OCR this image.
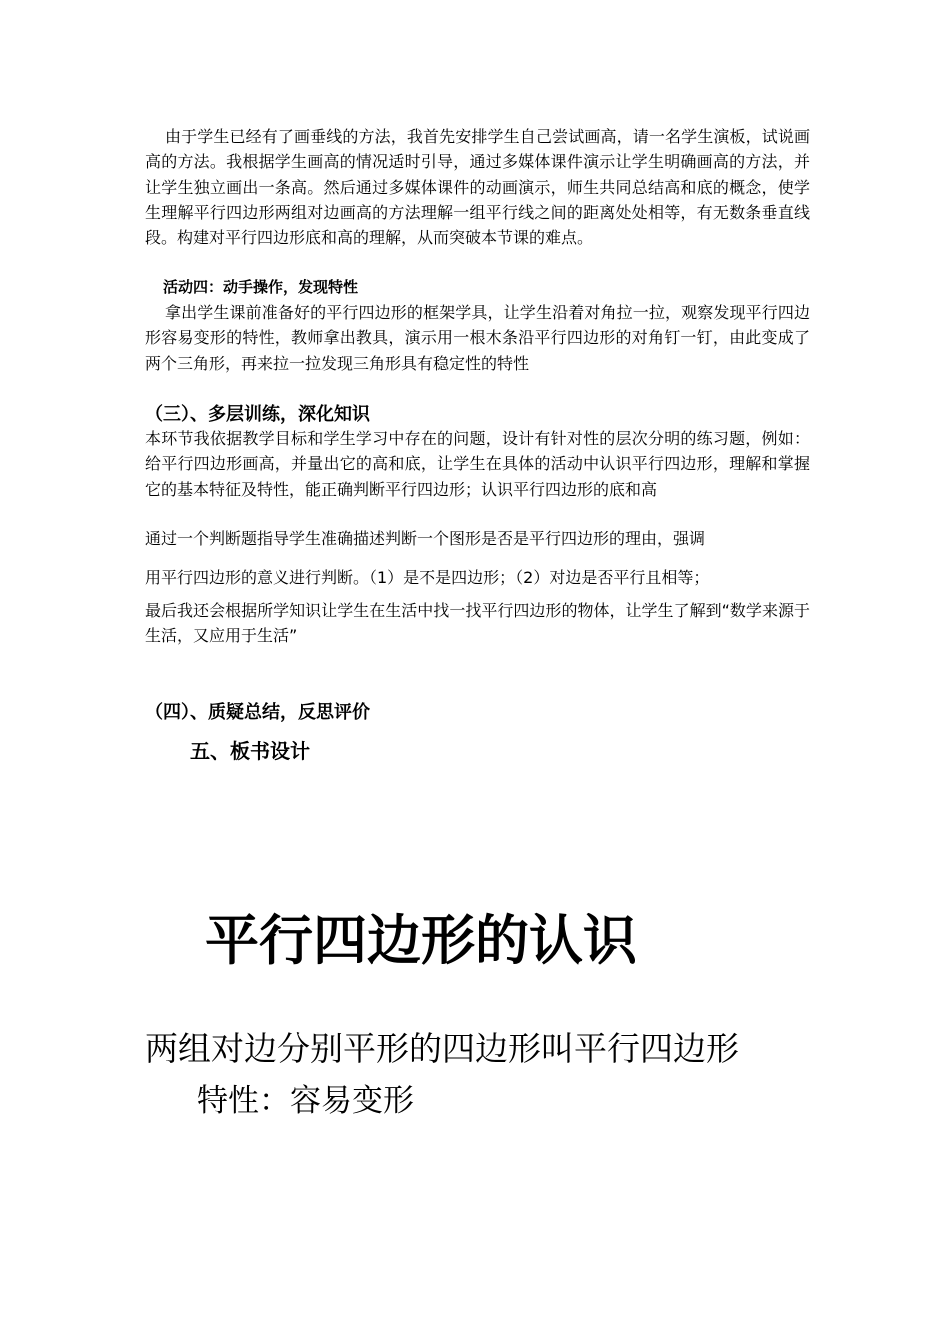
由于学生已经有了画垂线的方法，我首先安排学生自己尝试画高，请一名学生演板，试说画高的方法。我根据学生画高的情况适时引导，通过多媒体课件演示让学生明确画高的方法，并让学生独立画出一条高。然后通过多媒体课件的动画演示，师生共同总结高和底的概念，使学生理解平行四边形两组对边画高的方法理解一组平行线之间的距离处处相等，有无数条垂直线段。构建对平行四边形底和高的理解，从而突破本节课的难点。

活动四：动手操作，发现特性

拿出学生课前准备好的平行四边形的框架学具，让学生沿着对角拉一拉，观察发现平行四边形容易变形的特性，教师拿出教具，演示用一根木条沿平行四边形的对角钉一钉，由此变成了两个三角形，再来拉一拉发现三角形具有稳定性的特性

（三）、多层训练，深化知识

本环节我依据教学目标和学生学习中存在的问题，设计有针对性的层次分明的练习题，例如：给平行四边形画高，并量出它的高和底，让学生在具体的活动中认识平行四边形，理解和掌握它的基本特征及特性，能正确判断平行四边形；认识平行四边形的底和高

通过一个判断题指导学生准确描述判断一个图形是否是平行四边形的理由，强调

用平行四边形的意义进行判断。（1）是不是四边形；（2）对边是否平行且相等；

最后我还会根据所学知识让学生在生活中找一找平行四边形的物体，让学生了解到“数学来源于生活，又应用于生活”

（四）、质疑总结，反思评价

五、板书设计

平行四边形的认识

两组对边分别平形的四边形叫平行四边形

特性：容易变形
